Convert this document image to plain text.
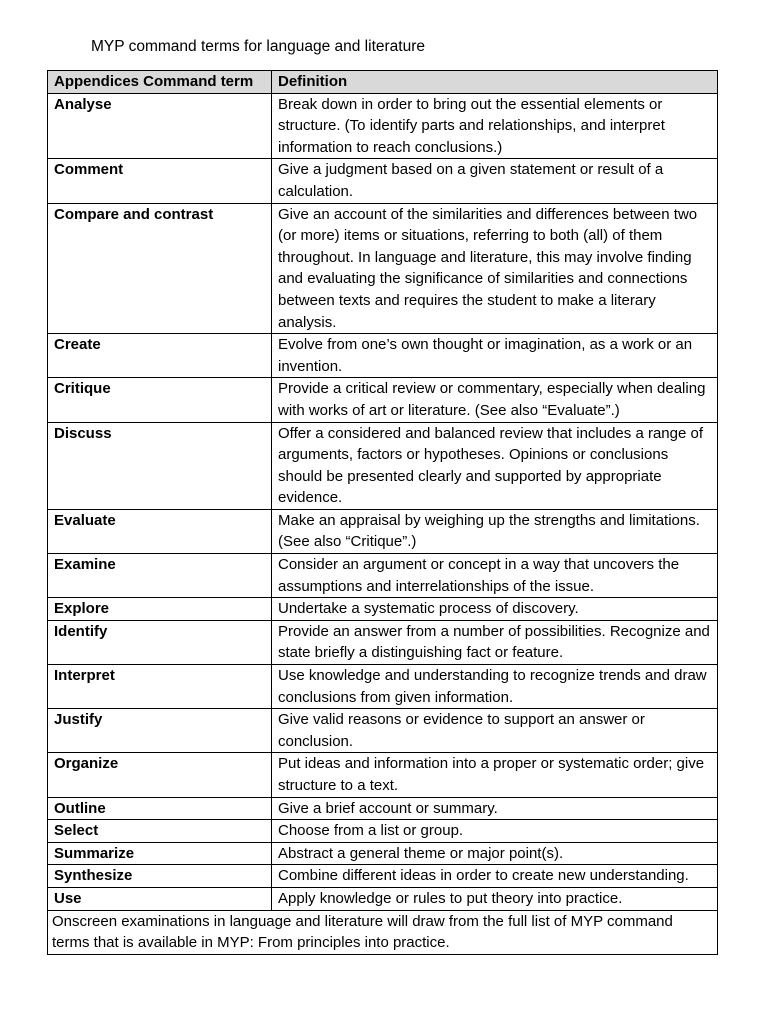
MYP command terms for language and literature
Appendices Command term	Definition
Analyse	Break down in order to bring out the essential elements or structure. (To identify parts and relationships, and interpret information to reach conclusions.)
Comment	Give a judgment based on a given statement or result of a calculation.
Compare and contrast	Give an account of the similarities and differences between two (or more) items or situations, referring to both (all) of them throughout. In language and literature, this may involve finding and evaluating the significance of similarities and connections between texts and requires the student to make a literary analysis.
Create	Evolve from one’s own thought or imagination, as a work or an invention.
Critique	Provide a critical review or commentary, especially when dealing with works of art or literature. (See also “Evaluate”.)
Discuss	Offer a considered and balanced review that includes a range of arguments, factors or hypotheses. Opinions or conclusions should be presented clearly and supported by appropriate evidence.
Evaluate	Make an appraisal by weighing up the strengths and limitations. (See also “Critique”.)
Examine	Consider an argument or concept in a way that uncovers the assumptions and interrelationships of the issue.
Explore	Undertake a systematic process of discovery.
Identify	Provide an answer from a number of possibilities. Recognize and state briefly a distinguishing fact or feature.
Interpret	Use knowledge and understanding to recognize trends and draw conclusions from given information.
Justify	Give valid reasons or evidence to support an answer or conclusion.
Organize	Put ideas and information into a proper or systematic order; give structure to a text.
Outline	Give a brief account or summary.
Select	Choose from a list or group.
Summarize	Abstract a general theme or major point(s).
Synthesize	Combine different ideas in order to create new understanding.
Use	Apply knowledge or rules to put theory into practice.
Onscreen examinations in language and literature will draw from the full list of MYP command terms that is available in MYP: From principles into practice.	
